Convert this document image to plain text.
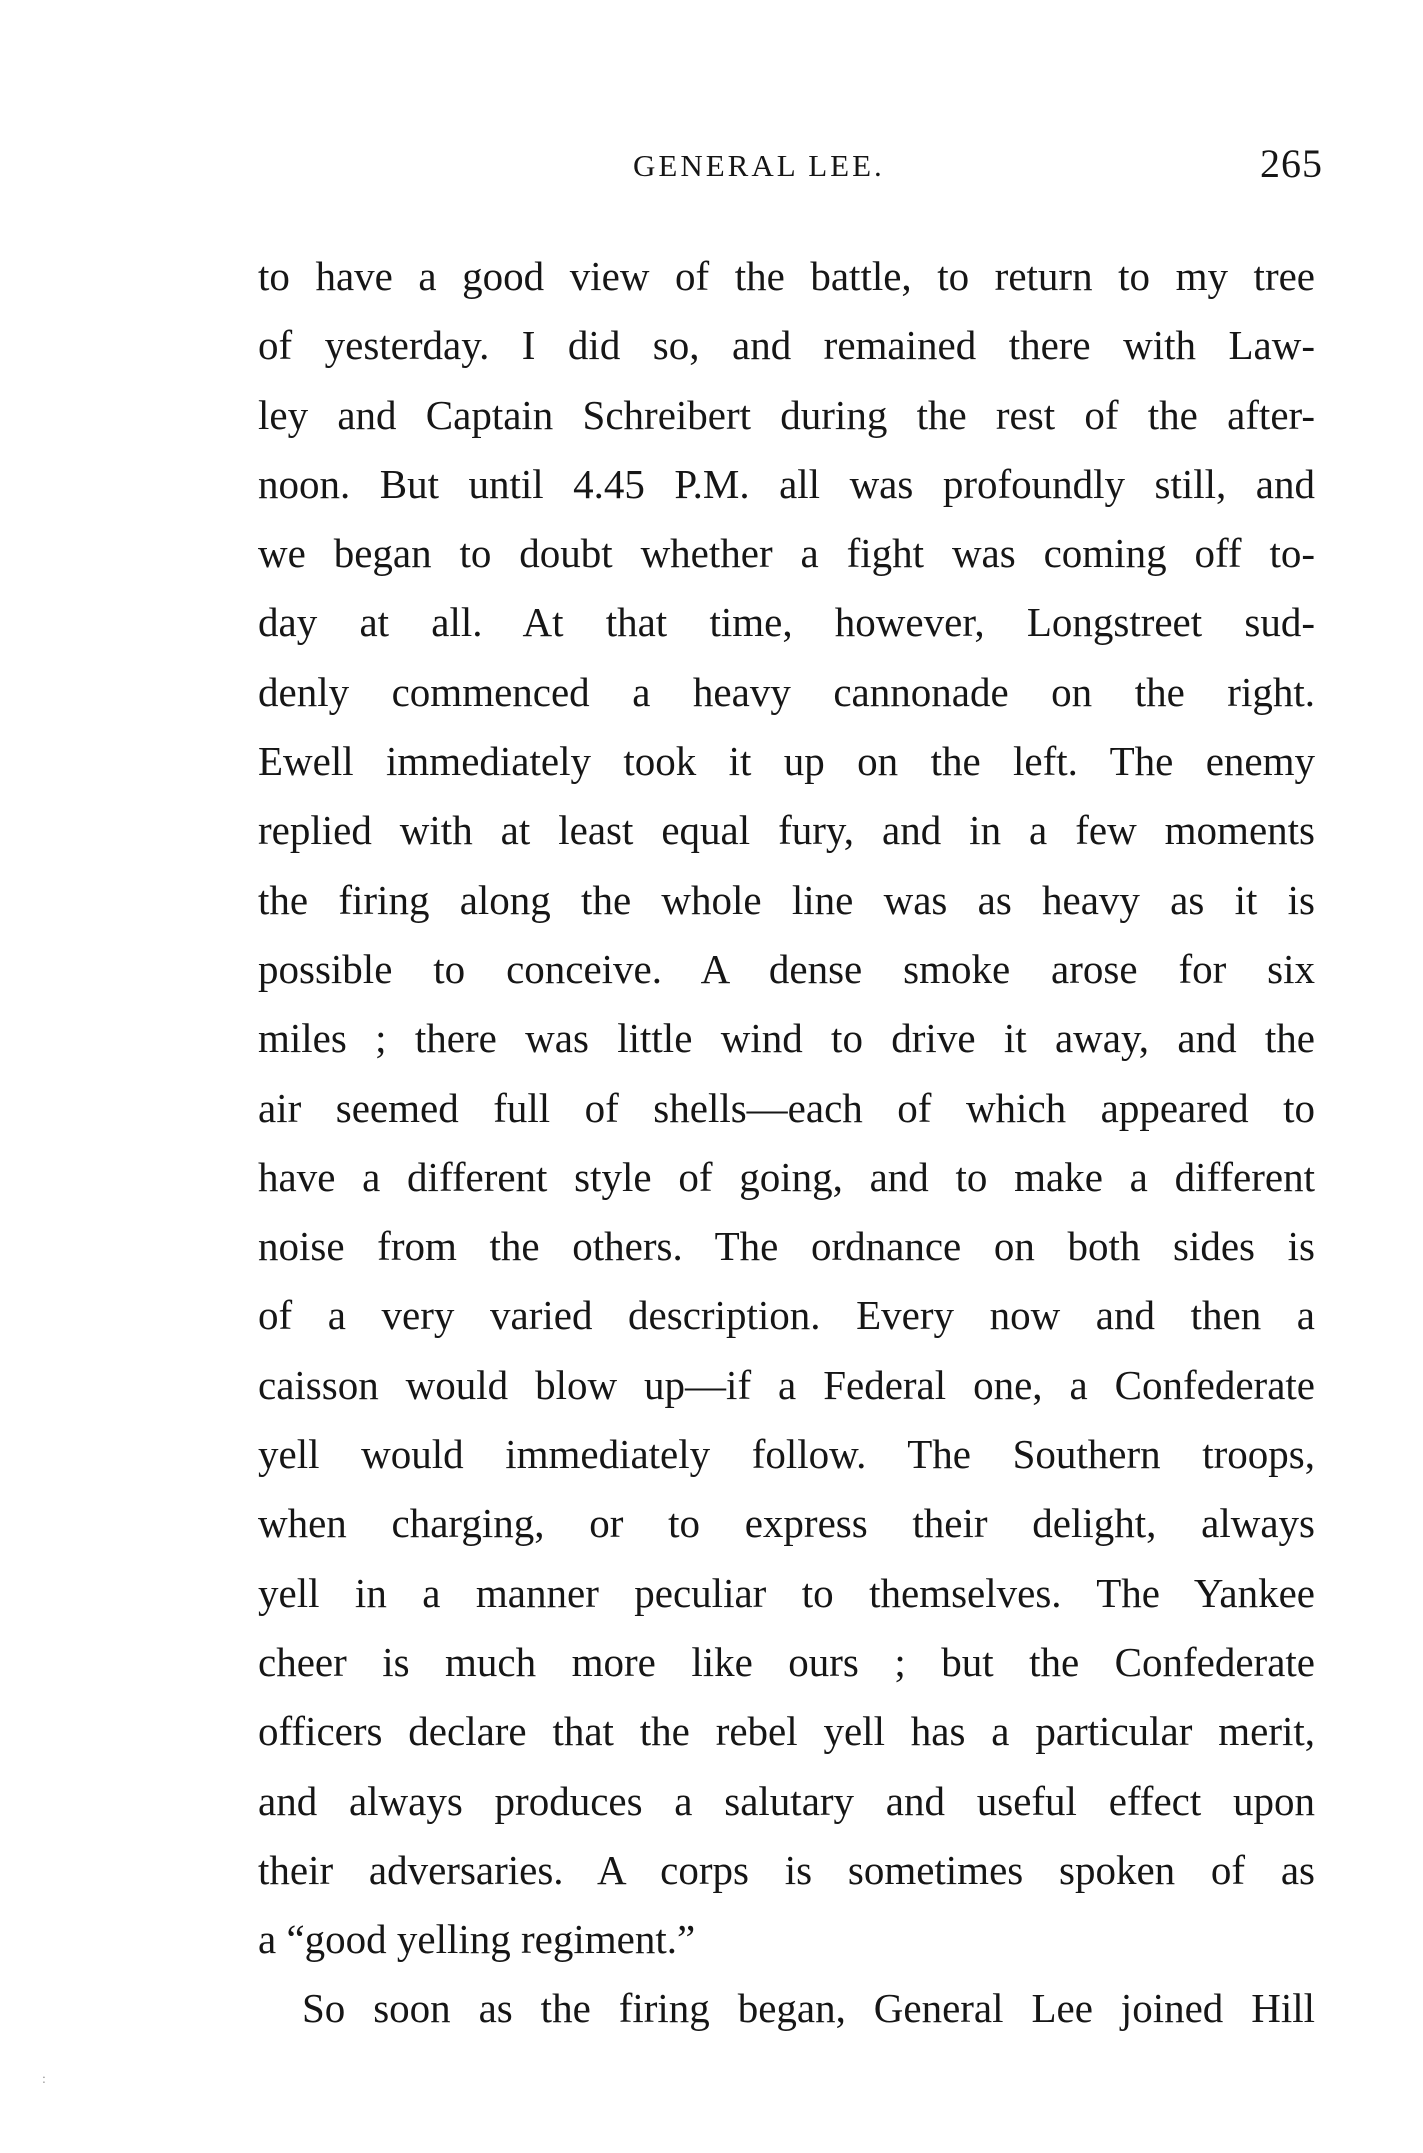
GENERAL LEE.	265
to have a good view of the battle, to return to my tree
of yesterday. I did so, and remained there with Law-
ley and Captain Schreibert during the rest of the after-
noon. But until 4.45 P.M. all was profoundly still, and
we began to doubt whether a fight was coming off to-
day at all. At that time, however, Longstreet sud-
denly commenced a heavy cannonade on the right.
Ewell immediately took it up on the left. The enemy
replied with at least equal fury, and in a few moments
the firing along the whole line was as heavy as it is
possible to conceive. A dense smoke arose for six
miles ; there was little wind to drive it away, and the
air seemed full of shells—each of which appeared to
have a different style of going, and to make a different
noise from the others. The ordnance on both sides is
of a very varied description. Every now and then a
caisson would blow up—if a Federal one, a Confederate
yell would immediately follow. The Southern troops,
when charging, or to express their delight, always
yell in a manner peculiar to themselves. The Yankee
cheer is much more like ours ; but the Confederate
officers declare that the rebel yell has a particular merit,
and always produces a salutary and useful effect upon
their adversaries. A corps is sometimes spoken of as
a “good yelling regiment.”
So soon as the firing began, General Lee joined Hill
:
